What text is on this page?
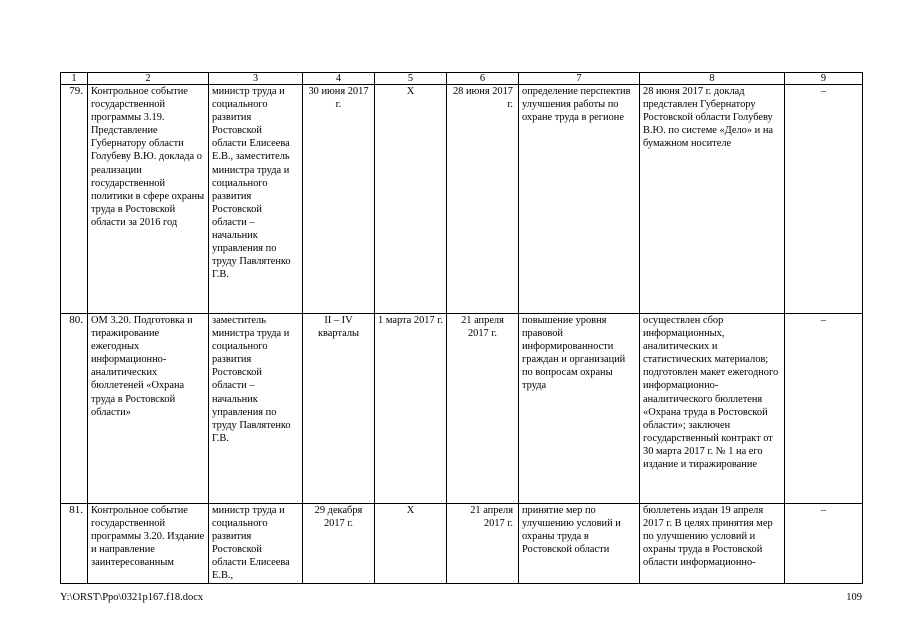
1	2	3	4	5	6	7	8	9
79.	Контрольное событие государственной программы 3.19. Представление Губернатору области Голубеву В.Ю. доклада о реализации государственной политики в сфере охраны труда в Ростовской области за 2016 год	министр труда и социального развития Ростовской области Елисеева Е.В., заместитель министра труда и социального развития Ростовской области – начальник управления по труду Павлятенко Г.В.	30 июня 2017 г.	X	28 июня 2017 г.	определение перспектив улучшения работы по охране труда в регионе	28 июня 2017 г. доклад представлен Губернатору Ростовской области Голубеву В.Ю. по системе «Дело» и на бумажном носителе	–
80.	ОМ 3.20. Подготовка и тиражирование ежегодных информационно-аналитических бюллетеней «Охрана труда в Ростовской области»	заместитель министра труда и социального развития Ростовской области – начальник управления по труду Павлятенко Г.В.	II – IV кварталы	1 марта 2017 г.	21 апреля 2017 г.	повышение уровня правовой информированности граждан и организаций по вопросам охраны труда	осуществлен сбор информационных, аналитических и статистических материалов; подготовлен макет ежегодного информационно-аналитического бюллетеня «Охрана труда в Ростовской области»; заключен государственный контракт от 30 марта 2017 г. № 1 на его издание и тиражирование	–
81.	Контрольное событие государственной программы 3.20. Издание и направление заинтересованным	министр труда и социального развития Ростовской области Елисеева Е.В.,	29 декабря 2017 г.	X	21 апреля 2017 г.	принятие мер по улучшению условий и охраны труда в Ростовской области	бюллетень издан 19 апреля 2017 г. В целях принятия мер по улучшению условий и охраны труда в Ростовской области информационно-	–
Y:\ORST\Ppo\0321p167.f18.docx	109
